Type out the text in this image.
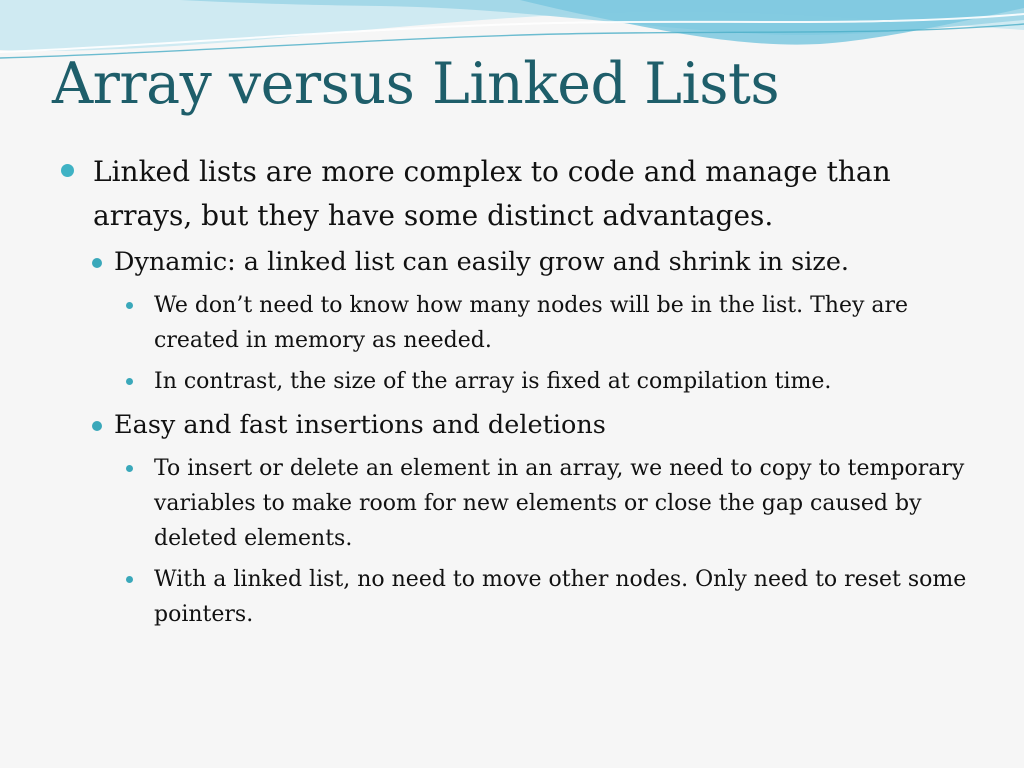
Array versus Linked Lists
Linked lists are more complex to code and manage than arrays, but they have some distinct advantages.
Dynamic: a linked list can easily grow and shrink in size.
We don’t need to know how many nodes will be in the list. They are created in memory as needed.
In contrast, the size of the array is fixed at compilation time.
Easy and fast insertions and deletions
To insert or delete an element in an array, we need to copy to temporary variables to make room for new elements or close the gap caused by deleted elements.
With a linked list, no need to move other nodes. Only need to reset some pointers.
